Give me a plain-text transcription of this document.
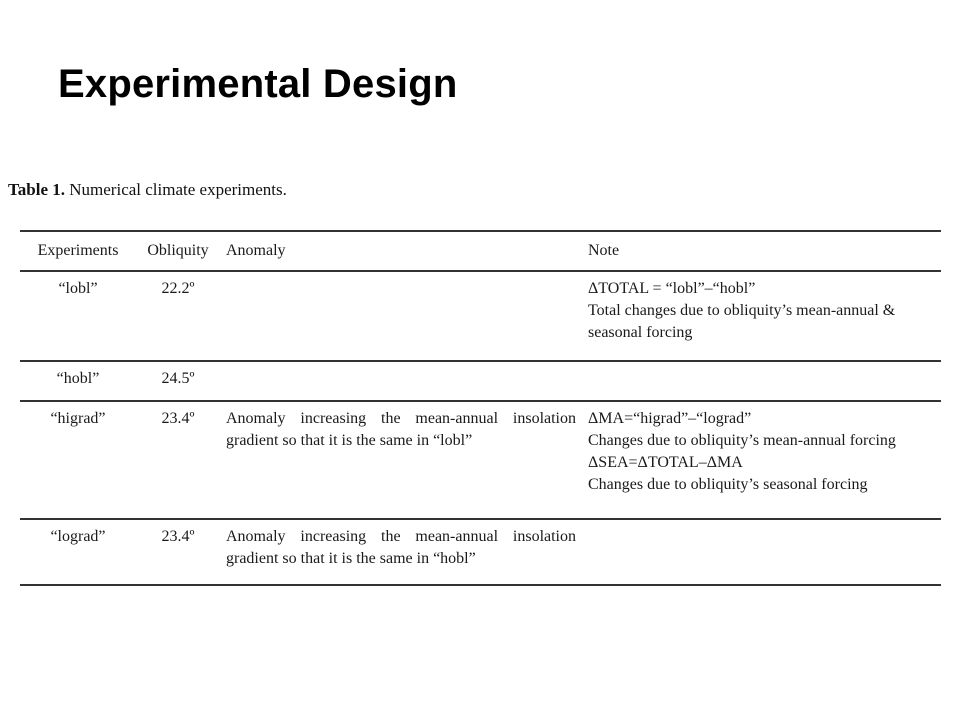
Experimental Design
Table 1. Numerical climate experiments.
Experiments	Obliquity	Anomaly	Note
“lobl”	22.2º		ΔTOTAL = “lobl”–“hobl”
Total changes due to obliquity’s mean-annual &
seasonal forcing

“hobl”	24.5º		
“higrad”	23.4º	Anomaly increasing the mean-annual insolation gradient so that it is the same in “lobl”	ΔMA=“higrad”–“lograd”
Changes due to obliquity’s mean-annual forcing
ΔSEA=ΔTOTAL–ΔMA
Changes due to obliquity’s seasonal forcing

“lograd”	23.4º	Anomaly increasing the mean-annual insolation gradient so that it is the same in “hobl”	
